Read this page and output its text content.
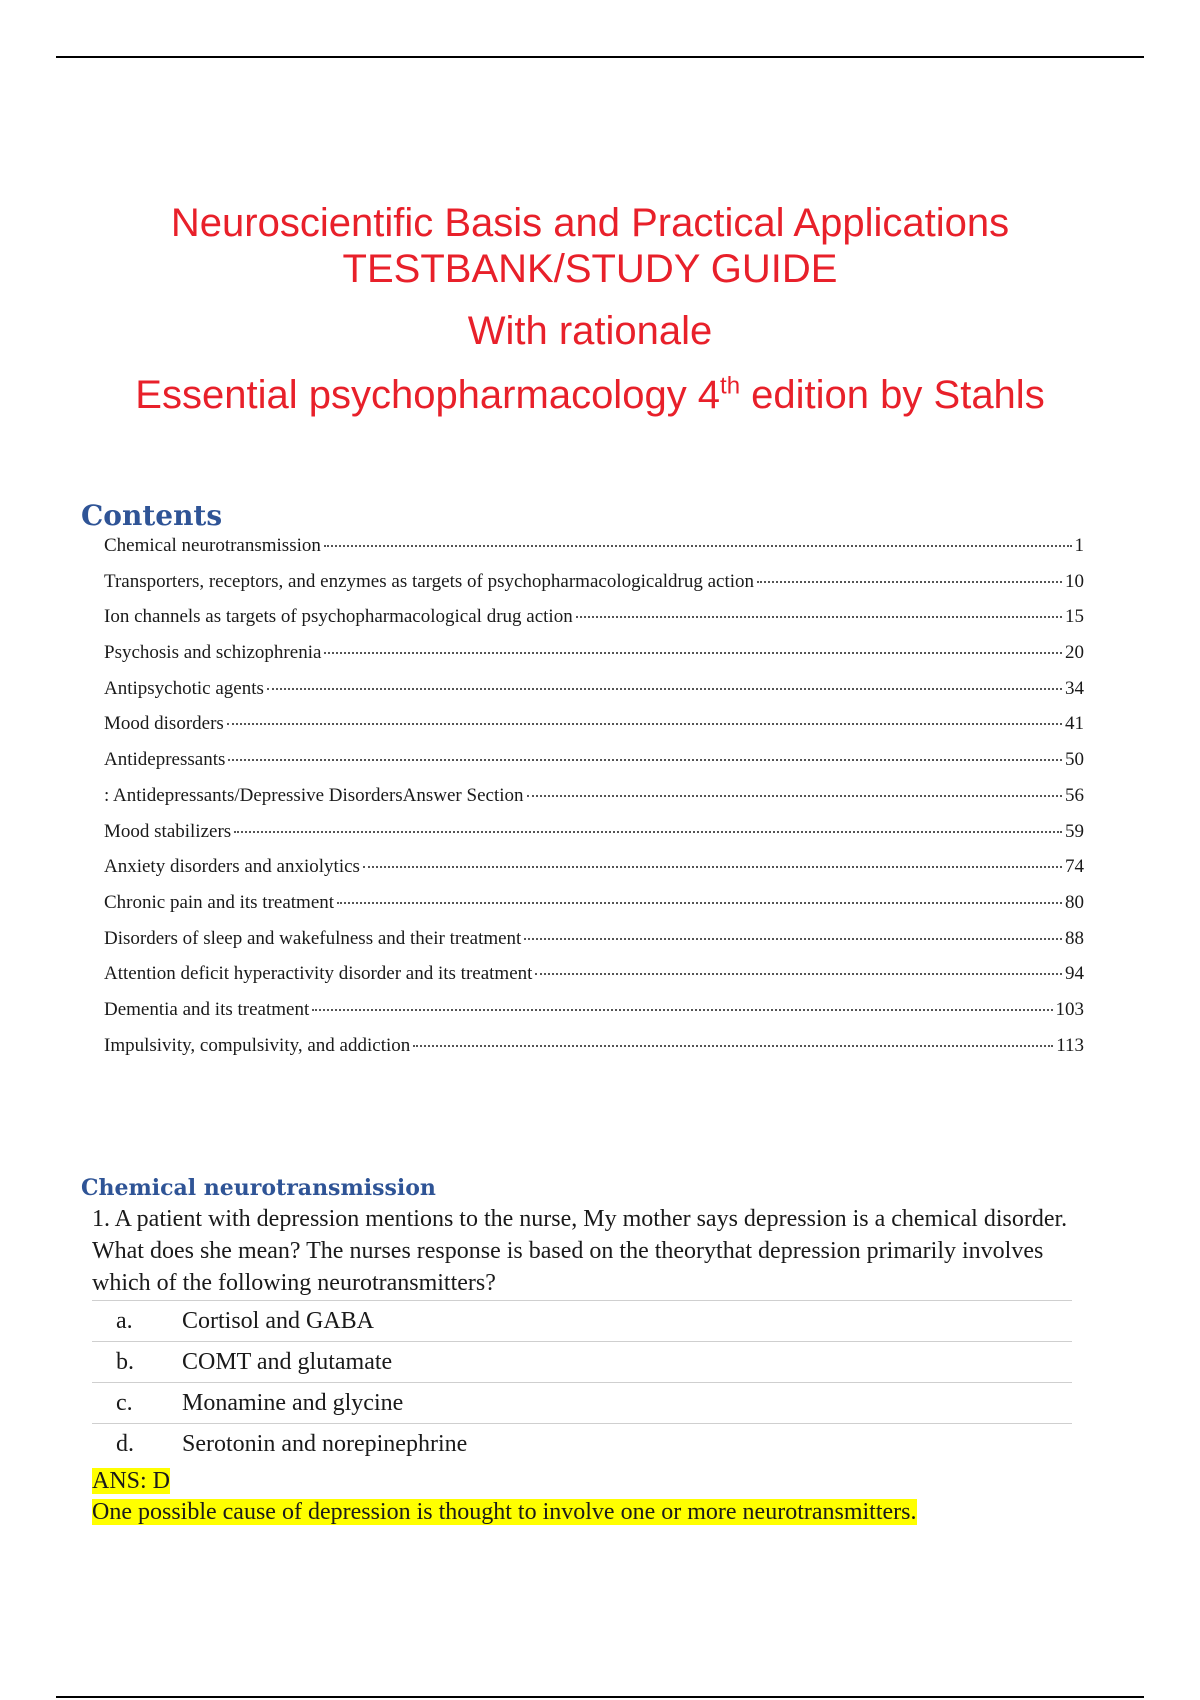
Neuroscientific Basis and Practical Applications TESTBANK/STUDY GUIDE

With rationale

Essential psychopharmacology 4th edition by Stahls

Contents
Chemical neurotransmission	1
Transporters, receptors, and enzymes as targets of psychopharmacologicaldrug action	10
Ion channels as targets of psychopharmacological drug action	15
Psychosis and schizophrenia	20
Antipsychotic agents	34
Mood disorders	41
Antidepressants	50
: Antidepressants/Depressive DisordersAnswer Section	56
Mood stabilizers	59
Anxiety disorders and anxiolytics	74
Chronic pain and its treatment	80
Disorders of sleep and wakefulness and their treatment	88
Attention deficit hyperactivity disorder and its treatment	94
Dementia and its treatment	103
Impulsivity, compulsivity, and addiction	113
Chemical neurotransmission

1. A patient with depression mentions to the nurse, My mother says depression is a chemical disorder. What does she mean? The nurses response is based on the theorythat depression primarily involves which of the following neurotransmitters?

a.	Cortisol and GABA
b.	COMT and glutamate
c.	Monamine and glycine
d.	Serotonin and norepinephrine
ANS: D
One possible cause of depression is thought to involve one or more neurotransmitters.
